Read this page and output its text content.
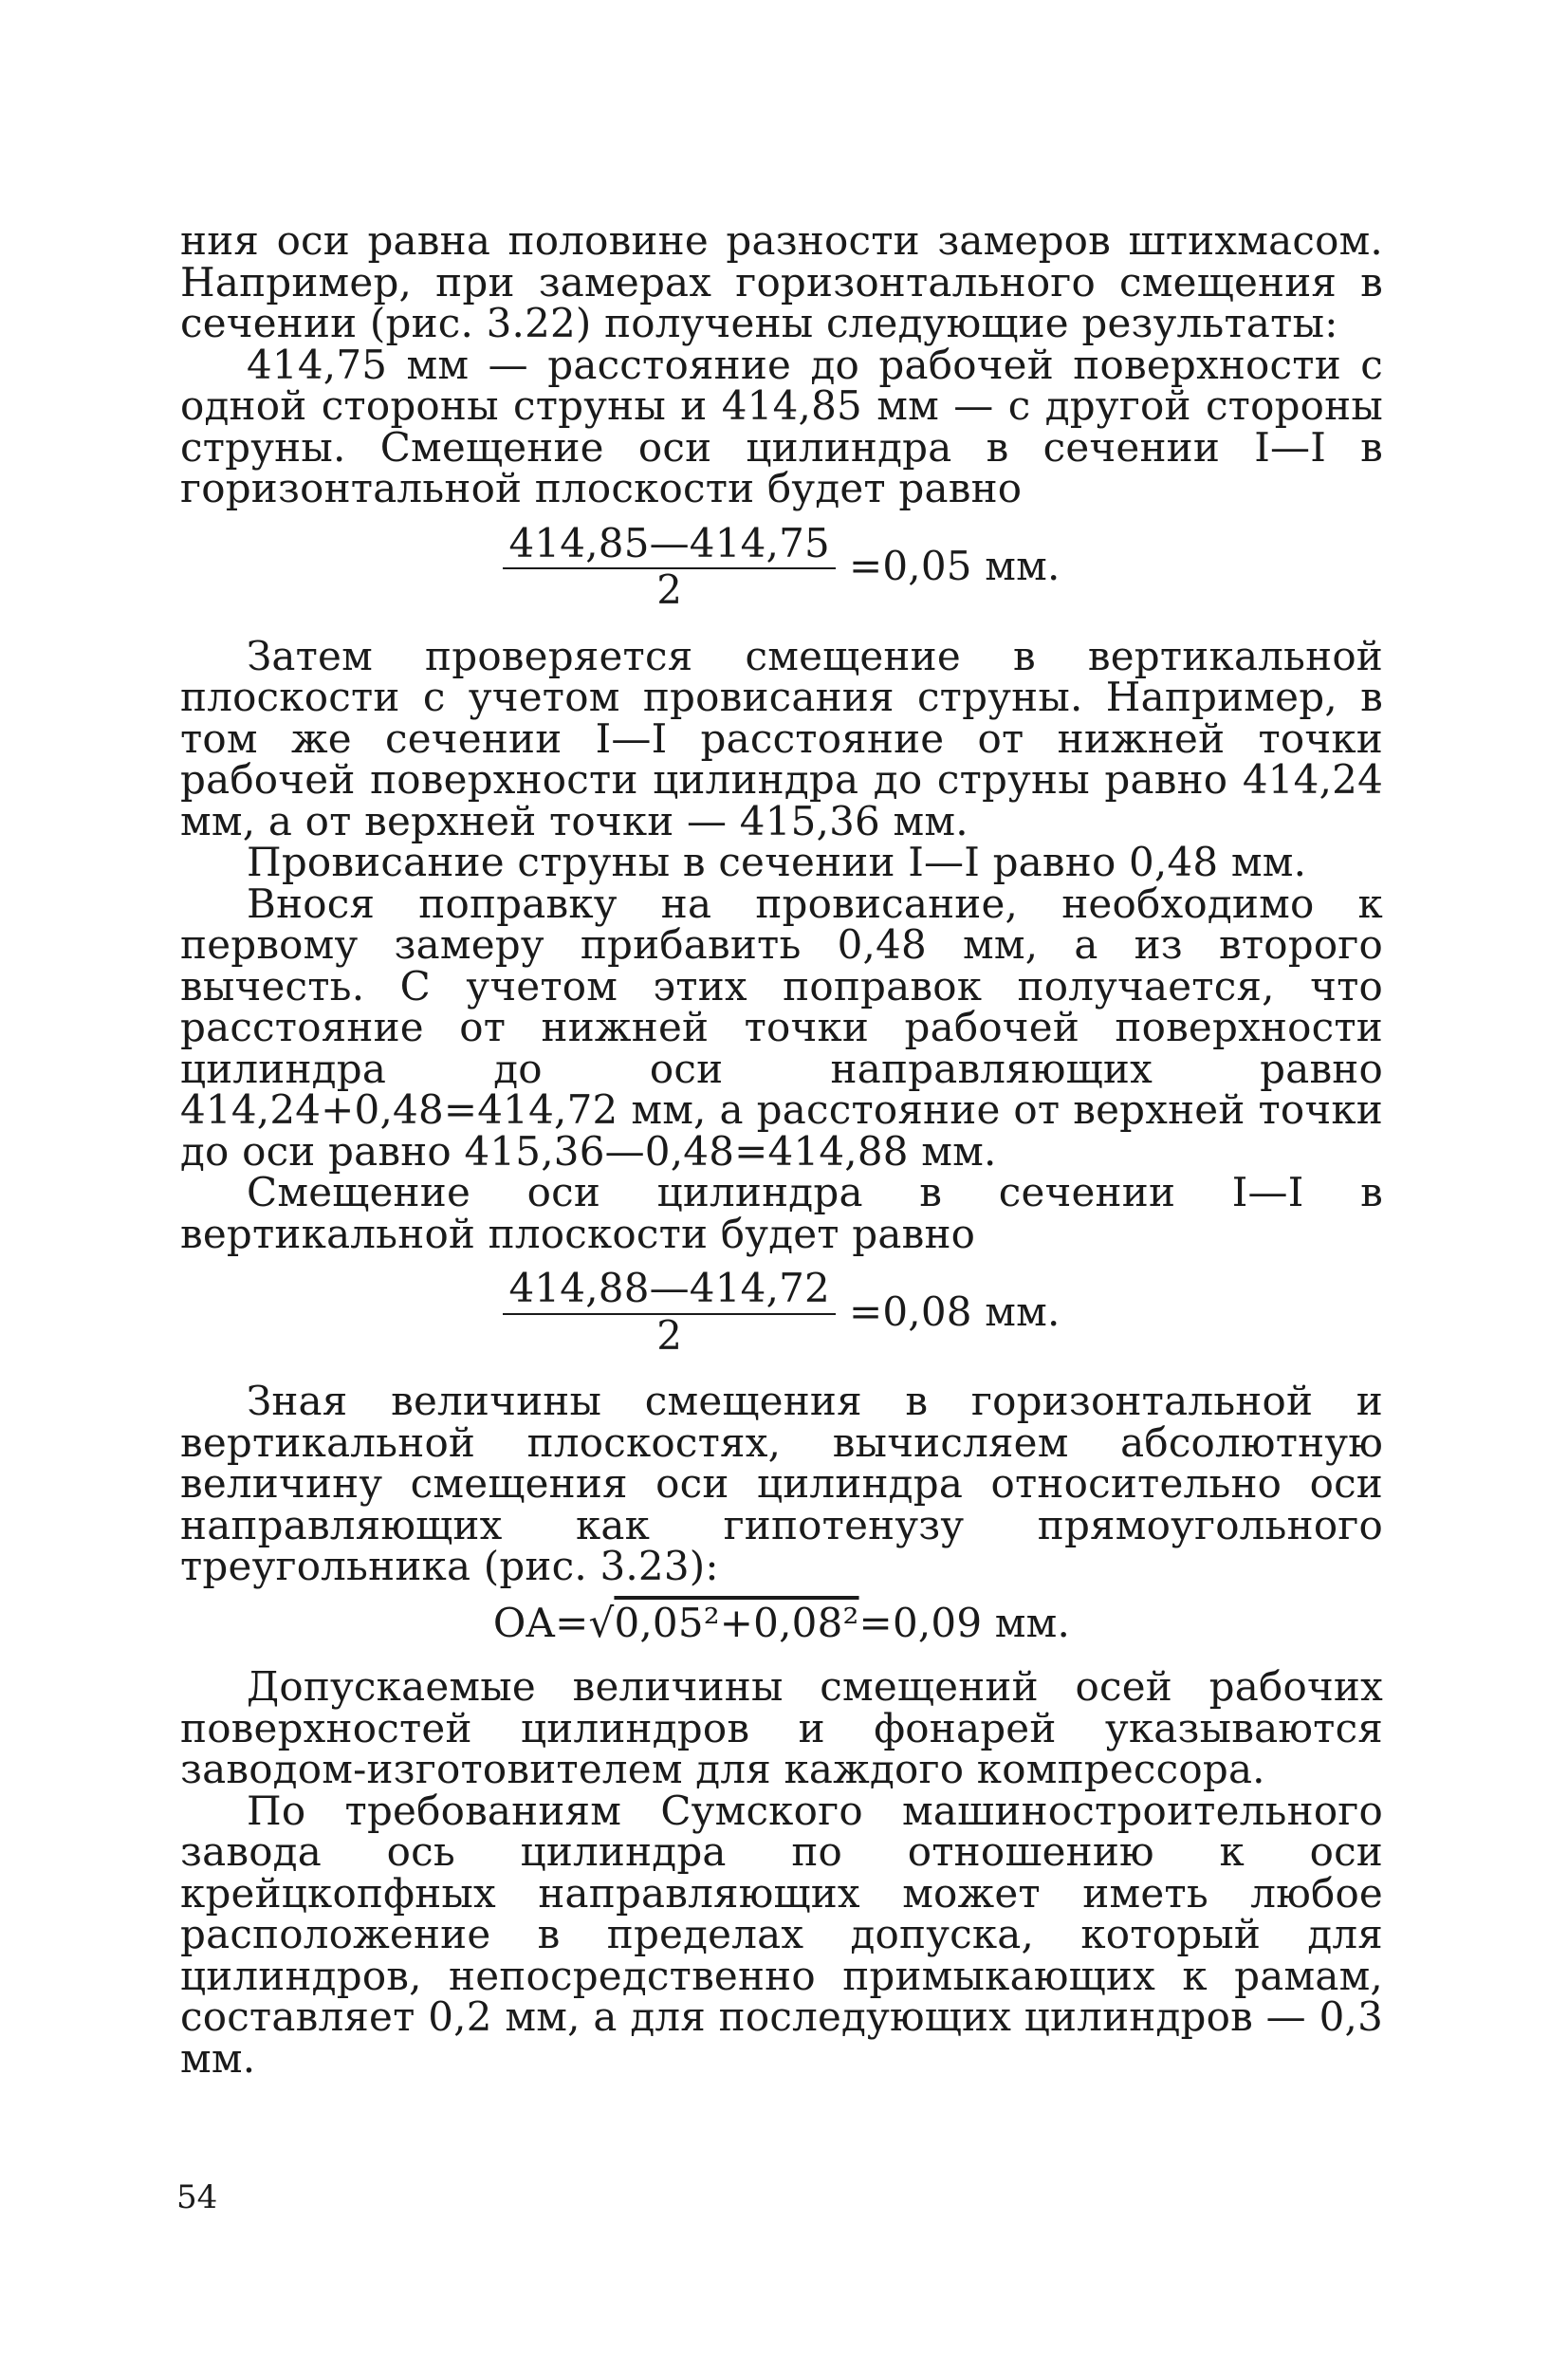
ния оси равна половине разности замеров штихмасом. Например, при замерах горизонтального смещения в сечении (рис. 3.22) получены следующие результаты:

414,75 мм — расстояние до рабочей поверхности с одной стороны струны и 414,85 мм — с другой стороны струны. Смещение оси цилиндра в сечении I—I в горизонтальной плоскости будет равно

$\frac{414,85—414,75}{2} =0,05$ мм.

Затем проверяется смещение в вертикальной плоскости с учетом провисания струны. Например, в том же сечении I—I расстояние от нижней точки рабочей поверхности цилиндра до струны равно 414,24 мм, а от верхней точки — 415,36 мм.

Провисание струны в сечении I—I равно 0,48 мм.

Внося поправку на провисание, необходимо к первому замеру прибавить 0,48 мм, а из второго вычесть. С учетом этих поправок получается, что расстояние от нижней точки рабочей поверхности цилиндра до оси направляющих равно 414,24+0,48=414,72 мм, а расстояние от верхней точки до оси равно 415,36—0,48=414,88 мм.

Смещение оси цилиндра в сечении I—I в вертикальной плоскости будет равно

$\frac{414,88—414,72}{2} =0,08$ мм.

Зная величины смещения в горизонтальной и вертикальной плоскостях, вычисляем абсолютную величину смещения оси цилиндра относительно оси направляющих как гипотенузу прямоугольного треугольника (рис. 3.23):

OA= √ 0,05²+0,08² =0,09 мм.

Допускаемые величины смещений осей рабочих поверхностей цилиндров и фонарей указываются заводом-изготовителем для каждого компрессора.

По требованиям Сумского машиностроительного завода ось цилиндра по отношению к оси крейцкопфных направляющих может иметь любое расположение в пределах допуска, который для цилиндров, непосредственно примыкающих к рамам, составляет 0,2 мм, а для последующих цилиндров — 0,3 мм.

54
